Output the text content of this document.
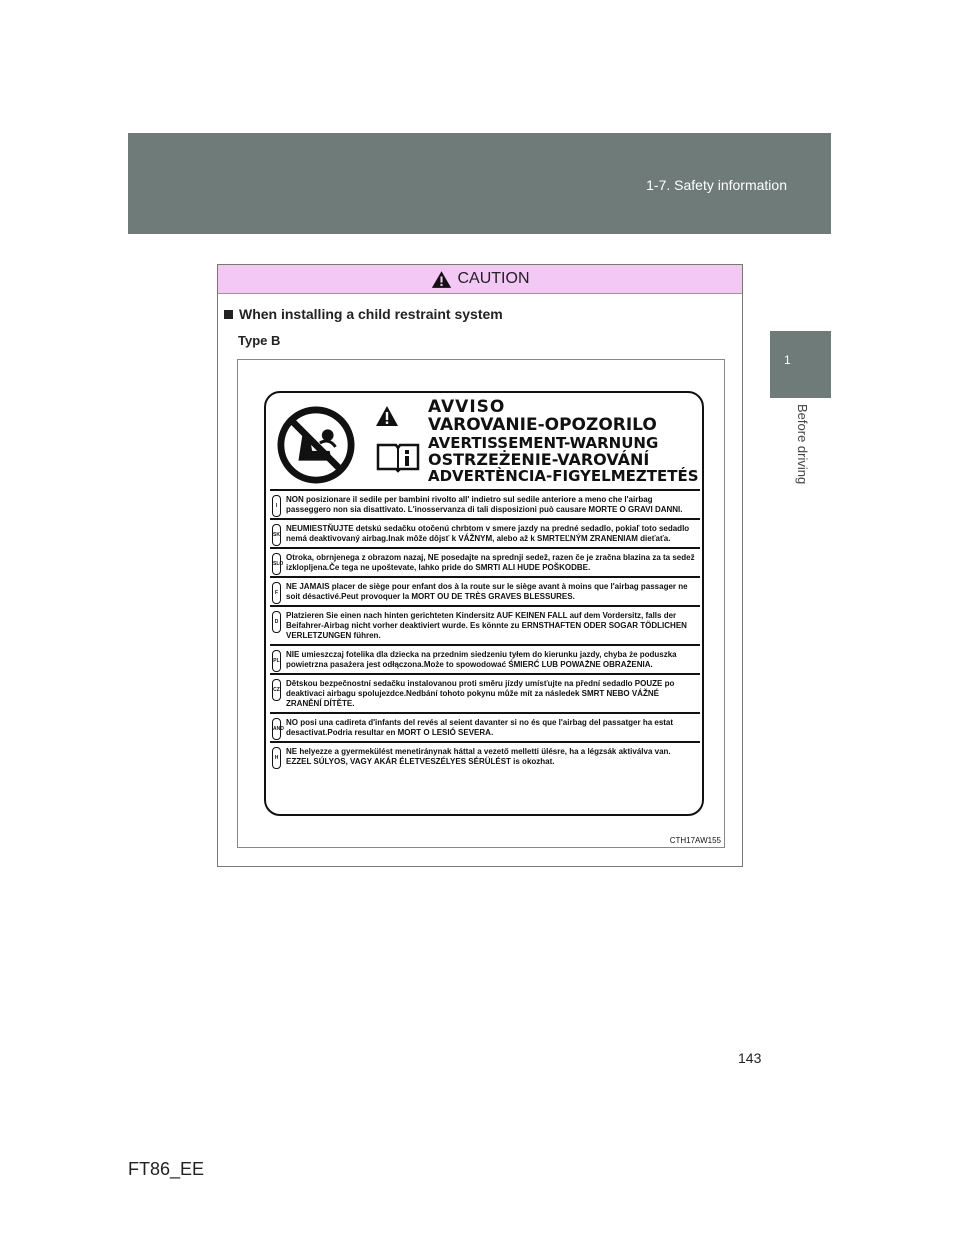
1-7. Safety information
1
Before driving
CAUTION
When installing a child restraint system
Type B
AVVISO
VAROVANIE-OPOZORILO
AVERTISSEMENT-WARNUNG
OSTRZEŻENIE-VAROVÁNÍ
ADVERTÈNCIA-FIGYELMEZTETÉS
I
NON posizionare il sedile per bambini rivolto all' indietro sul sedile anteriore a meno che l'airbag passeggero non sia disattivato. L'inosservanza di tali disposizioni può causare MORTE O GRAVI DANNI.
SK
NEUMIESTŇUJTE detskú sedačku otočenú chrbtom v smere jazdy na predné sedadlo, pokiaľ toto sedadlo nemá deaktivovaný airbag.Inak môže dôjsť k VÁŽNYM, alebo až k SMRTEĽNÝM ZRANENIAM dieťaťa.
SLO
Otroka, obrnjenega z obrazom nazaj, NE posedajte na sprednji sedež, razen če je zračna blazina za ta sedež izklopljena.Če tega ne upoštevate, lahko pride do SMRTI ALI HUDE POŠKODBE.
F
NE JAMAIS placer de siège pour enfant dos à la route sur le siège avant à moins que l'airbag passager ne soit désactivé.Peut provoquer la MORT OU DE TRÈS GRAVES BLESSURES.
D
Platzieren Sie einen nach hinten gerichteten Kindersitz AUF KEINEN FALL auf dem Vordersitz, falls der Beifahrer-Airbag nicht vorher deaktiviert wurde. Es könnte zu ERNSTHAFTEN ODER SOGAR TÖDLICHEN VERLETZUNGEN führen.
PL
NIE umieszczaj fotelika dla dziecka na przednim siedzeniu tyłem do kierunku jazdy, chyba że poduszka powietrzna pasażera jest odłączona.Może to spowodować ŚMIERĆ LUB POWAŻNE OBRAŻENIA.
CZ
Dětskou bezpečnostní sedačku instalovanou proti směru jízdy umísťujte na přední sedadlo POUZE po deaktivaci airbagu spolujezdce.Nedbání tohoto pokynu může mít za následek SMRT NEBO VÁŽNÉ ZRANĚNÍ DÍTĚTE.
AND
NO posi una cadireta d'infants del revés al seient davanter si no és que l'airbag del passatger ha estat desactivat.Podria resultar en MORT O LESIÓ SEVERA.
H
NE helyezze a gyermekülést menetiránynak háttal a vezető melletti ülésre, ha a légzsák aktiválva van. EZZEL SÚLYOS, VAGY AKÁR ÉLETVESZÉLYES SÉRÜLÉST is okozhat.
CTH17AW155
143
FT86_EE
